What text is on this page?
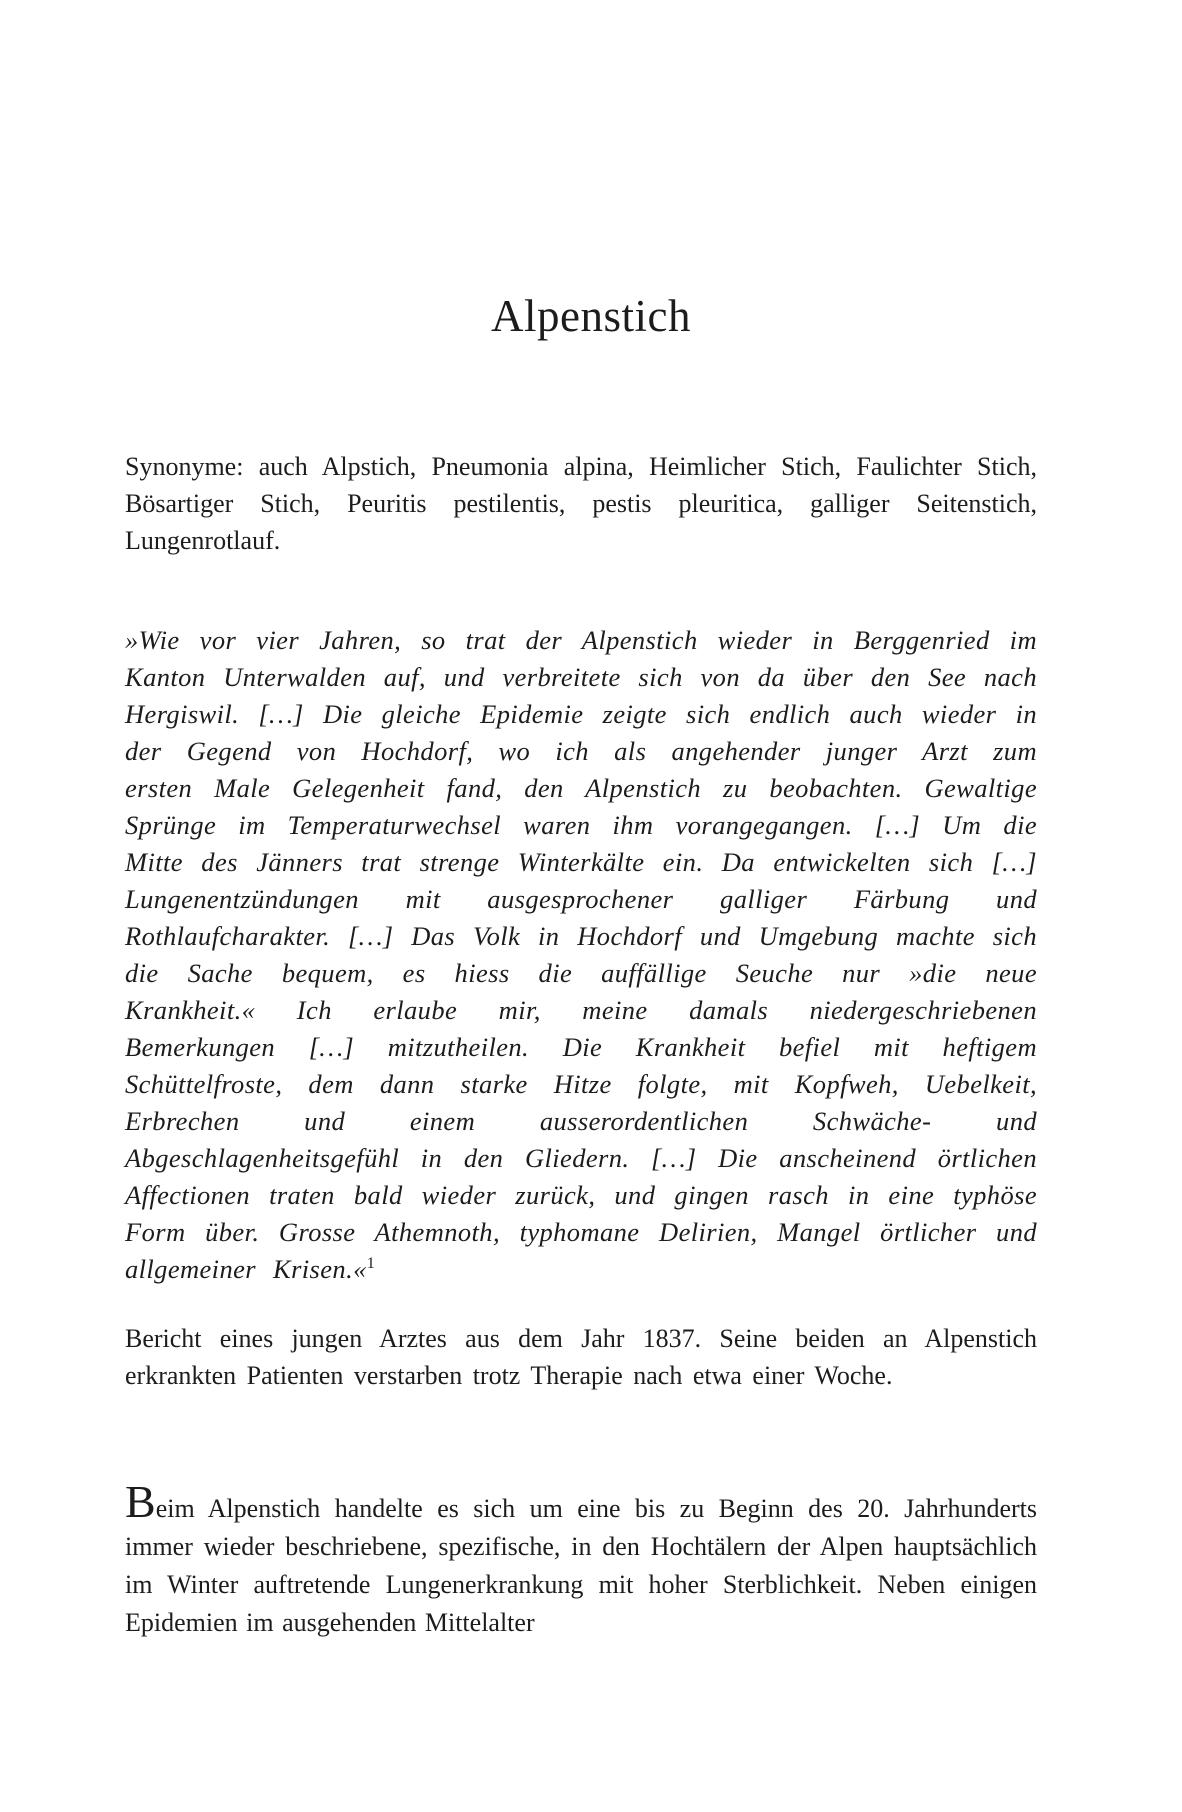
Alpenstich

Synonyme: auch Alpstich, Pneumonia alpina, Heimlicher Stich, Faulichter Stich, Bösartiger Stich, Peuritis pestilentis, pestis pleuritica, galliger Seitenstich, Lungenrotlauf.

»Wie vor vier Jahren, so trat der Alpenstich wieder in Berggenried im Kanton Unterwalden auf, und verbreitete sich von da über den See nach Hergiswil. […] Die gleiche Epidemie zeigte sich endlich auch wieder in der Gegend von Hochdorf, wo ich als angehender junger Arzt zum ersten Male Gelegenheit fand, den Alpenstich zu beobachten. Gewaltige Sprünge im Temperaturwechsel waren ihm vorangegangen. […] Um die Mitte des Jänners trat strenge Winterkälte ein. Da entwickelten sich […] Lungenentzündungen mit ausgesprochener galliger Färbung und Rothlaufcharakter. […] Das Volk in Hochdorf und Umgebung machte sich die Sache bequem, es hiess die auffällige Seuche nur »die neue Krankheit.« Ich erlaube mir, meine damals niedergeschriebenen Bemerkungen […] mitzutheilen. Die Krankheit befiel mit heftigem Schüttelfroste, dem dann starke Hitze folgte, mit Kopfweh, Uebelkeit, Erbrechen und einem ausserordentlichen Schwäche- und Abgeschlagenheitsgefühl in den Gliedern. […] Die anscheinend örtlichen Affectionen traten bald wieder zurück, und gingen rasch in eine typhöse Form über. Grosse Athemnoth, typhomane Delirien, Mangel örtlicher und allgemeiner Krisen.«$^1$

Bericht eines jungen Arztes aus dem Jahr 1837. Seine beiden an Alpenstich erkrankten Patienten verstarben trotz Therapie nach etwa einer Woche.

Beim Alpenstich handelte es sich um eine bis zu Beginn des 20. Jahrhunderts immer wieder beschriebene, spezifische, in den Hochtälern der Alpen hauptsächlich im Winter auftretende Lungenerkrankung mit hoher Sterblichkeit. Neben einigen Epidemien im ausgehenden Mittelalter
